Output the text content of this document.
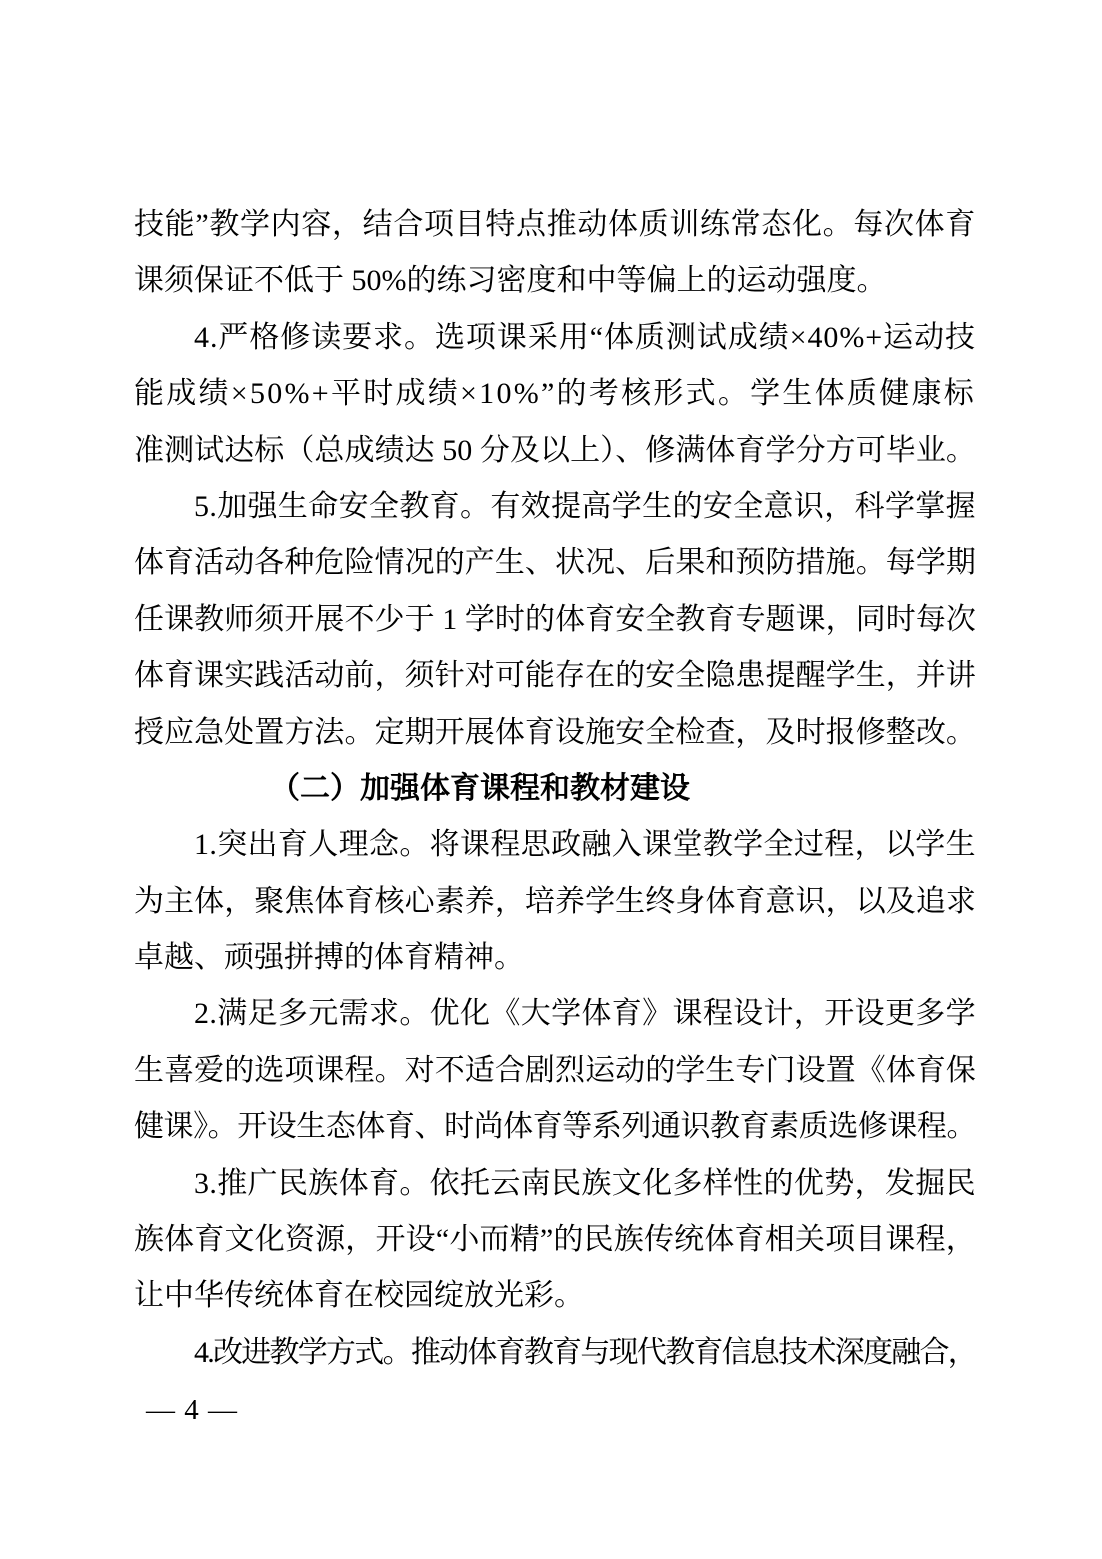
技能”教学内容，结合项目特点推动体质训练常态化。每次体育
课须保证不低于 50%的练习密度和中等偏上的运动强度。
4.严格修读要求。选项课采用“体质测试成绩×40%+运动技
能成绩×50%+平时成绩×10%”的考核形式。学生体质健康标
准测试达标（总成绩达 50 分及以上）、修满体育学分方可毕业。
5.加强生命安全教育。有效提高学生的安全意识，科学掌握
体育活动各种危险情况的产生、状况、后果和预防措施。每学期
任课教师须开展不少于 1 学时的体育安全教育专题课，同时每次
体育课实践活动前，须针对可能存在的安全隐患提醒学生，并讲
授应急处置方法。定期开展体育设施安全检查，及时报修整改。
（二）加强体育课程和教材建设
1.突出育人理念。将课程思政融入课堂教学全过程，以学生
为主体，聚焦体育核心素养，培养学生终身体育意识，以及追求
卓越、顽强拼搏的体育精神。
2.满足多元需求。优化《大学体育》课程设计，开设更多学
生喜爱的选项课程。对不适合剧烈运动的学生专门设置《体育保
健课》。开设生态体育、时尚体育等系列通识教育素质选修课程。
3.推广民族体育。依托云南民族文化多样性的优势，发掘民
族体育文化资源，开设“小而精”的民族传统体育相关项目课程，
让中华传统体育在校园绽放光彩。
4.改进教学方式。推动体育教育与现代教育信息技术深度融合，
— 4 —
